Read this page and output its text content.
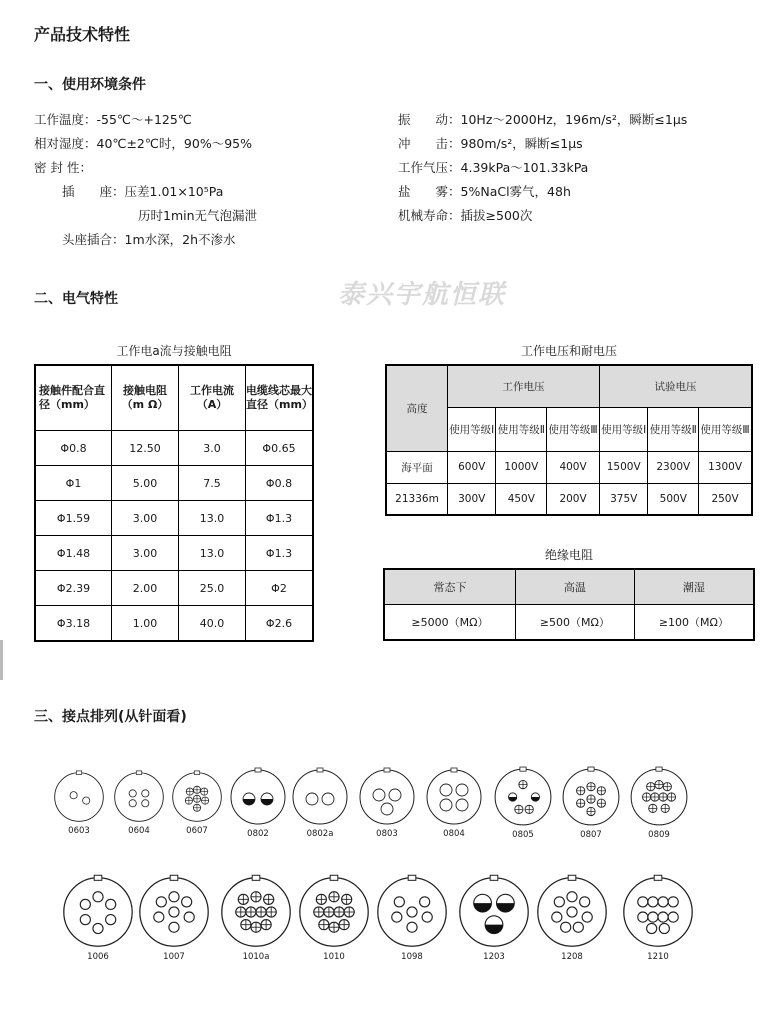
产品技术特性
一、使用环境条件
工作温度：-55℃～+125℃
相对湿度：40℃±2℃时，90%～95%
密 封 性：
插　　座：压差1.01×10⁵Pa
历时1min无气泡漏泄
头座插合：1m水深，2h不渗水
振　　动：10Hz～2000Hz，196m/s²，瞬断≤1μs
冲　　击：980m/s²，瞬断≤1μs
工作气压：4.39kPa～101.33kPa
盐　　雾：5%NaCl雾气，48h
机械寿命：插拔≥500次
泰兴宇航恒联
二、电气特性
工作电a流与接触电阻
接触件配合直径（mm）	接触电阻（m Ω）	工作电流（A）	电缆线芯最大直径（mm）
Φ0.8	12.50	3.0	Φ0.65
Φ1	5.00	7.5	Φ0.8
Φ1.59	3.00	13.0	Φ1.3
Φ1.48	3.00	13.0	Φ1.3
Φ2.39	2.00	25.0	Φ2
Φ3.18	1.00	40.0	Φ2.6
工作电压和耐电压
高度	工作电压			试验电压		
	使用等级Ⅰ	使用等级Ⅱ	使用等级Ⅲ	使用等级Ⅰ	使用等级Ⅱ	使用等级Ⅲ
海平面	600V	1000V	400V	1500V	2300V	1300V
21336m	300V	450V	200V	375V	500V	250V
绝缘电阻
常态下	高温	潮湿
≥5000（MΩ）	≥500（MΩ）	≥100（MΩ）
三、接点排列(从针面看)
0603	0604	0607	0802	0802a	0803	0804	0805	0807	0809
1006	1007	1010a	1010	1098	1203	1208	1210
